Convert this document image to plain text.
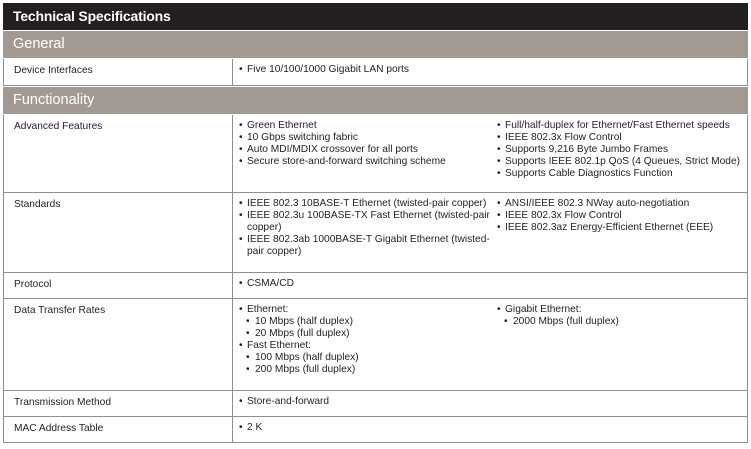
Technical Specifications
General
Device Interfaces	• Five 10/100/1000 Gigabit LAN ports
Functionality
Advanced Features	• Green Ethernet
• 10 Gbps switching fabric
• Auto MDI/MDIX crossover for all ports
• Secure store-and-forward switching scheme
• Full/half-duplex for Ethernet/Fast Ethernet speeds
• IEEE 802.3x Flow Control
• Supports 9,216 Byte Jumbo Frames
• Supports IEEE 802.1p QoS (4 Queues, Strict Mode)
• Supports Cable Diagnostics Function
Standards	• IEEE 802.3 10BASE-T Ethernet (twisted-pair copper)
• IEEE 802.3u 100BASE-TX Fast Ethernet (twisted-pair copper)
• IEEE 802.3ab 1000BASE-T Gigabit Ethernet (twisted-pair copper)
• ANSI/IEEE 802.3 NWay auto-negotiation
• IEEE 802.3x Flow Control
• IEEE 802.3az Energy-Efficient Ethernet (EEE)
Protocol	• CSMA/CD
Data Transfer Rates	• Ethernet:
• 10 Mbps (half duplex)
• 20 Mbps (full duplex)
• Fast Ethernet:
• 100 Mbps (half duplex)
• 200 Mbps (full duplex)
• Gigabit Ethernet:
• 2000 Mbps (full duplex)
Transmission Method	• Store-and-forward
MAC Address Table	• 2 K
